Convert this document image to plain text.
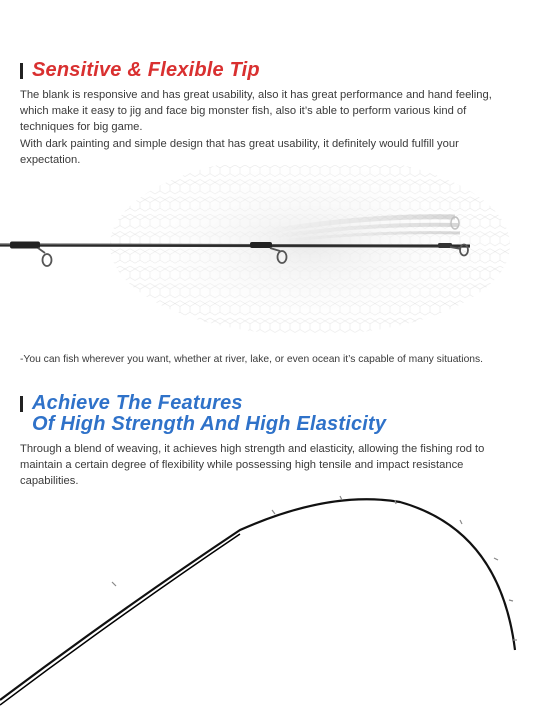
Sensitive & Flexible Tip

The blank is responsive and has great usability, also it has great performance and hand feeling, which make it easy to jig and face big monster fish, also it’s able to perform various kind of techniques for big game.

With dark painting and simple design that has great usability, it definitely would fulfill your expectation.

-You can fish wherever you want, whether at river, lake, or even ocean it’s capable of many situations.
Achieve The Features
Of High Strength And High Elasticity

Through a blend of weaving, it achieves high strength and elasticity, allowing the fishing rod to maintain a certain degree of flexibility while possessing high tensile and impact resistance capabilities.
